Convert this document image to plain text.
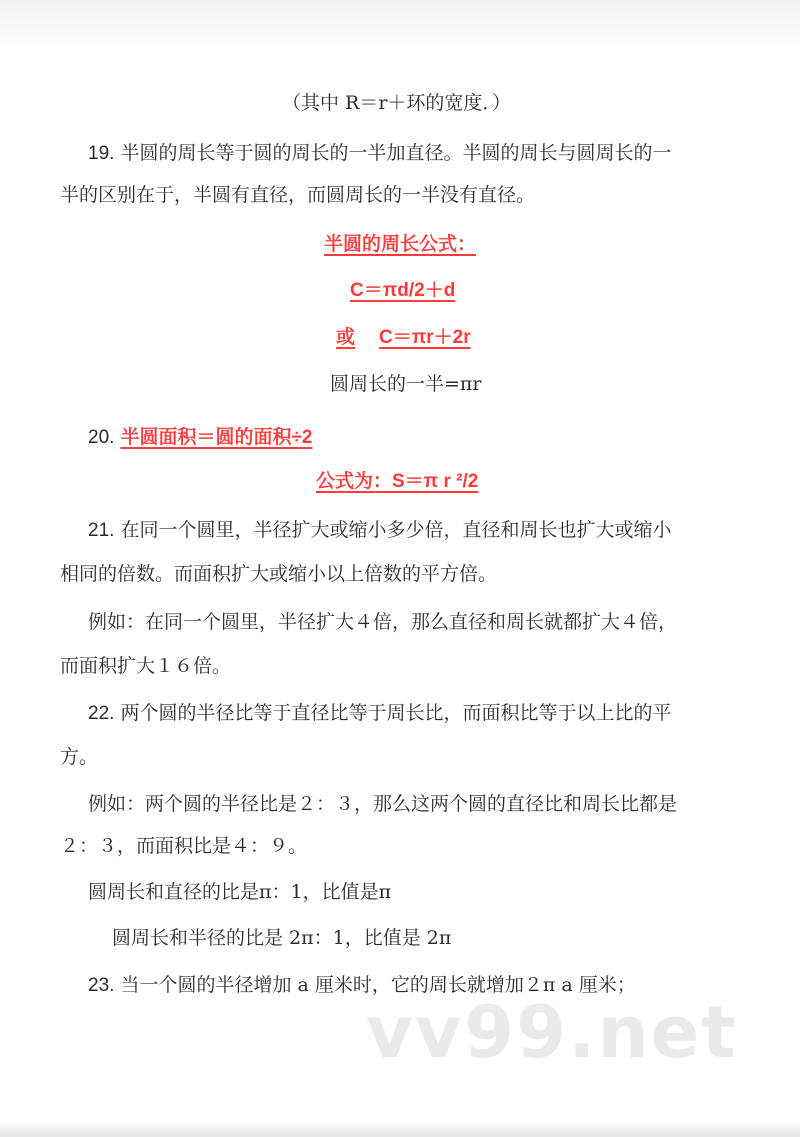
（其中 R＝r＋环的宽度．）
19. 半圆的周长等于圆的周长的一半加直径。半圆的周长与圆周长的一
半的区别在于，半圆有直径，而圆周长的一半没有直径。
半圆的周长公式：
C＝πd/2＋d
或 C＝πr＋2r
圆周长的一半=πr
20. 半圆面积＝圆的面积÷2
公式为：S＝π r ²/2
21. 在同一个圆里，半径扩大或缩小多少倍，直径和周长也扩大或缩小
相同的倍数。而面积扩大或缩小以上倍数的平方倍。
例如：在同一个圆里，半径扩大４倍，那么直径和周长就都扩大４倍，
而面积扩大１６倍。
22. 两个圆的半径比等于直径比等于周长比，而面积比等于以上比的平
方。
例如：两个圆的半径比是２：３，那么这两个圆的直径比和周长比都是
２：３，而面积比是４：９。
圆周长和直径的比是π：1，比值是π
圆周长和半径的比是 2π：1，比值是 2π
23. 当一个圆的半径增加 a 厘米时，它的周长就增加２π a 厘米；
vv99.net
